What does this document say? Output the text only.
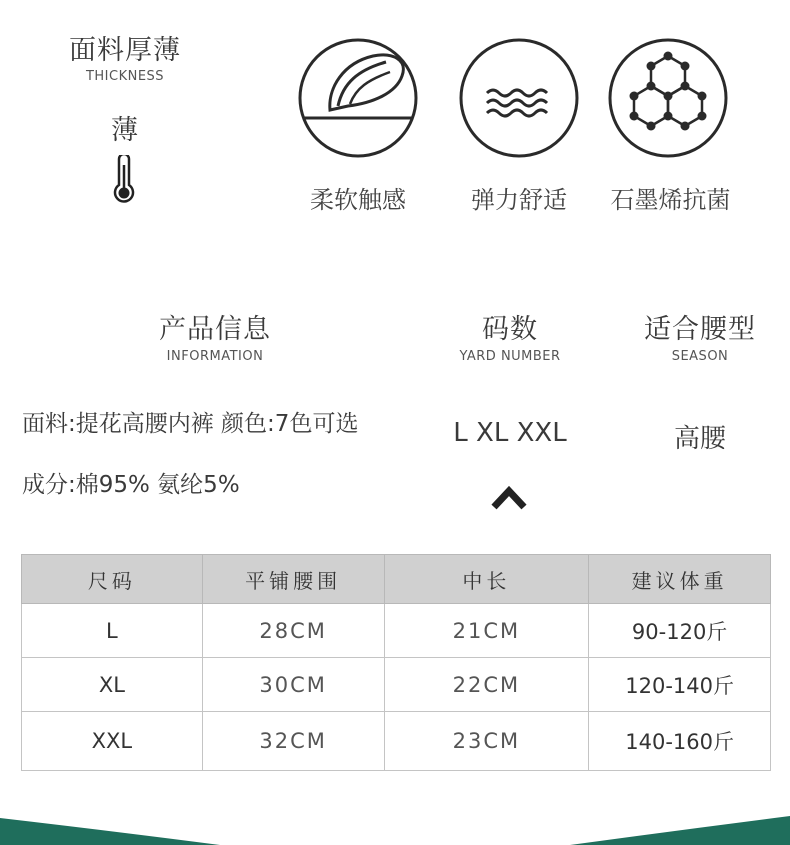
面料厚薄
THICKNESS
薄
柔软触感	弹力舒适	石墨烯抗菌
产品信息
INFORMATION
码数
YARD NUMBER
适合腰型
SEASON
面料:提花高腰内裤 颜色:7色可选
成分:棉95% 氨纶5%
L XL XXL	高腰
尺码	平铺腰围	中长	建议体重
L	28CM	21CM	90-120斤
XL	30CM	22CM	120-140斤
XXL	32CM	23CM	140-160斤
